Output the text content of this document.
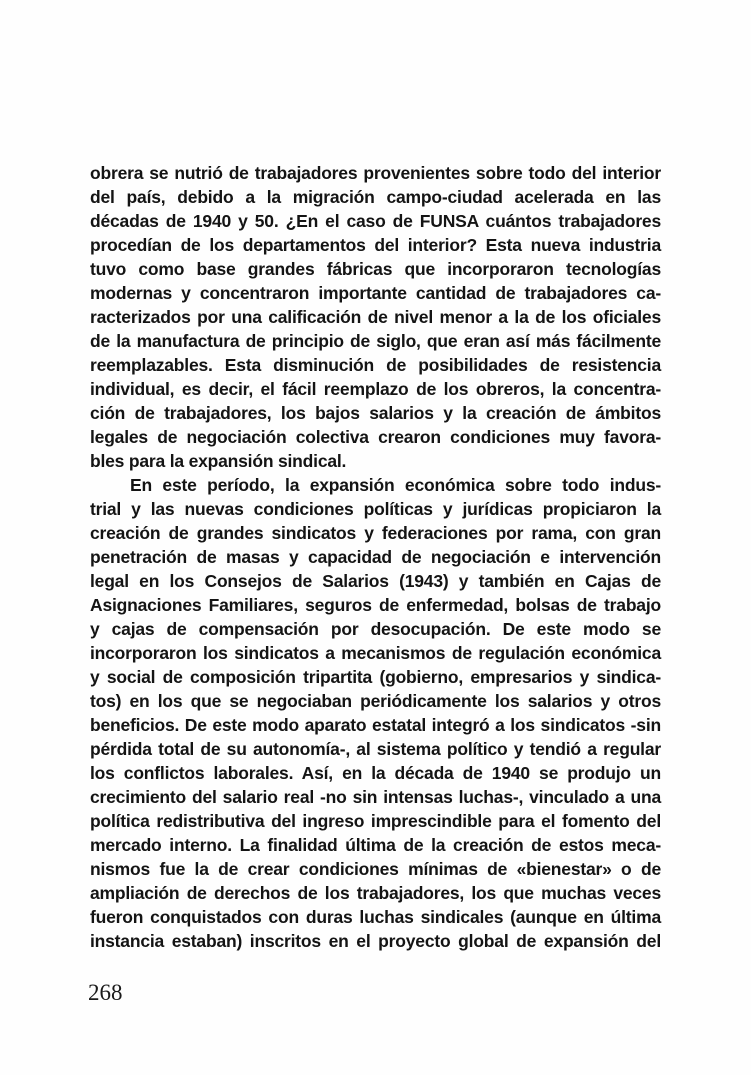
obrera se nutrió de trabajadores provenientes sobre todo del interior
del país, debido a la migración campo-ciudad acelerada en las
décadas de 1940 y 50. ¿En el caso de FUNSA cuántos trabajadores
procedían de los departamentos del interior? Esta nueva industria
tuvo como base grandes fábricas que incorporaron tecnologías
modernas y concentraron importante cantidad de trabajadores ca-
racterizados por una calificación de nivel menor a la de los oficiales
de la manufactura de principio de siglo, que eran así más fácilmente
reemplazables. Esta disminución de posibilidades de resistencia
individual, es decir, el fácil reemplazo de los obreros, la concentra-
ción de trabajadores, los bajos salarios y la creación de ámbitos
legales de negociación colectiva crearon condiciones muy favora-
bles para la expansión sindical.
En este período, la expansión económica sobre todo indus-
trial y las nuevas condiciones políticas y jurídicas propiciaron la
creación de grandes sindicatos y federaciones por rama, con gran
penetración de masas y capacidad de negociación e intervención
legal en los Consejos de Salarios (1943) y también en Cajas de
Asignaciones Familiares, seguros de enfermedad, bolsas de trabajo
y cajas de compensación por desocupación. De este modo se
incorporaron los sindicatos a mecanismos de regulación económica
y social de composición tripartita (gobierno, empresarios y sindica-
tos) en los que se negociaban periódicamente los salarios y otros
beneficios. De este modo aparato estatal integró a los sindicatos -sin
pérdida total de su autonomía-, al sistema político y tendió a regular
los conflictos laborales. Así, en la década de 1940 se produjo un
crecimiento del salario real -no sin intensas luchas-, vinculado a una
política redistributiva del ingreso imprescindible para el fomento del
mercado interno. La finalidad última de la creación de estos meca-
nismos fue la de crear condiciones mínimas de «bienestar» o de
ampliación de derechos de los trabajadores, los que muchas veces
fueron conquistados con duras luchas sindicales (aunque en última
instancia estaban) inscritos en el proyecto global de expansión del
268
